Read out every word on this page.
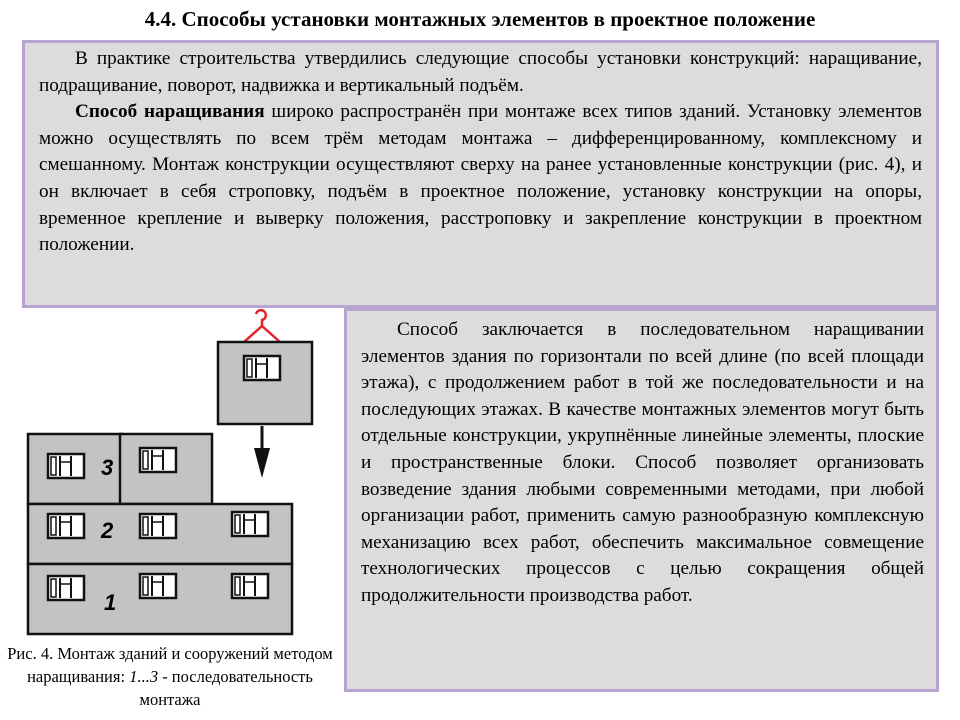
4.4. Способы установки монтажных элементов в проектное положение

В практике строительства утвердились следующие способы установки конструкций: наращивание, подращивание, поворот, надвижка и вертикальный подъём.

Способ наращивания широко распространён при монтаже всех типов зданий. Установку элементов можно осуществлять по всем трём методам монтажа – дифференцированному, комплексному и смешанному. Монтаж конструкции осуществляют сверху на ранее установленные конструкции (рис. 4), и он включает в себя строповку, подъём в проектное положение, установку конструкции на опоры, временное крепление и выверку положения, расстроповку и закрепление конструкции в проектном положении.

Способ заключается в последовательном наращивании элементов здания по горизонтали по всей длине (по всей площади этажа), с продолжением работ в той же последовательности и на последующих этажах. В качестве монтажных элементов могут быть отдельные конструкции, укрупнённые линейные элементы, плоские и пространственные блоки. Способ позволяет организовать возведение здания любыми современными методами, при любой организации работ, применить самую разнообразную комплексную механизацию всех работ, обеспечить максимальное совмещение технологических процессов с целью сокращения общей продолжительности производства работ.

3
2
1
Рис. 4. Монтаж зданий и сооружений методом наращивания: 1...3 - последовательность монтажа
